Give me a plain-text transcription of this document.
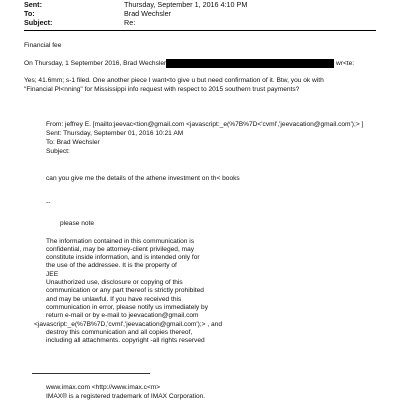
Sent:	Thursday, September 1, 2016 4:10 PM
To:	Brad Wechsler
Subject:	Re:
Financial fee
On Thursday, 1 September 2016, Brad Wechsler	wr<te:
Yes; 41.6mm; s-1 filed. One another piece I want<to give u but need confirmation of it. Btw, you ok with
"Financial Pl<nning" for Mississippi info request with respect to 2015 southern trust payments?
From: jeffrey E. [mailto:jeevac<tion@gmail.com <javascript:_e(%7B%7D<'cvml','jeevacation@gmail.com');> ]
Sent: Thursday, September 01, 2016 10:21 AM
To: Brad Wechsler
Subject:
can you give me the details of the athene investment on th< books
--
please note
The information contained in this communication is
confidential, may be attorney-client privileged, may
constitute inside information, and is intended only for
the use of the addressee. It is the property of
JEE
Unauthorized use, disclosure or copying of this
communication or any part thereof is strictly prohibited
and may be unlawful. If you have received this
communication in error, please notify us immediately by
return e-mail or by e-mail to jeevacation@gmail.com
<javascript:_e(%7B%7D,'cvml','jeevacation@gmail.com');> , and
destroy this communication and all copies thereof,
including all attachments. copyright -all rights reserved
www.imax.com <http://www.imax.c<m>
IMAX® is a registered trademark of IMAX Corporation.
